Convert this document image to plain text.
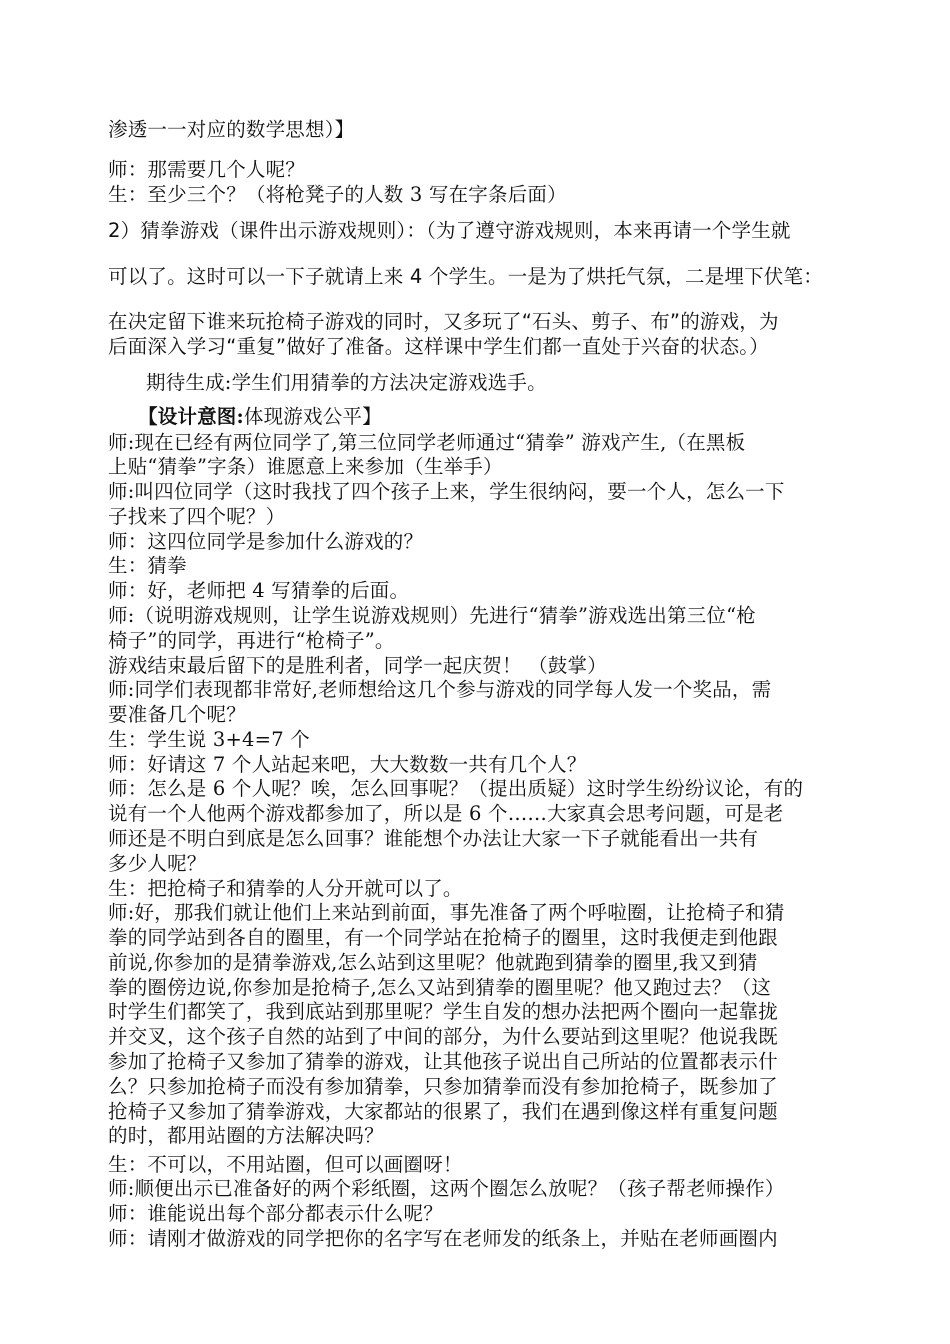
渗透一一对应的数学思想）】
师：那需要几个人呢？
生：至少三个？（将枪凳子的人数 3 写在字条后面）
2）猜拳游戏（课件出示游戏规则）：（为了遵守游戏规则，本来再请一个学生就
可以了。这时可以一下子就请上来 4 个学生。一是为了烘托气氛，二是埋下伏笔：
在决定留下谁来玩抢椅子游戏的同时，又多玩了“石头、剪子、布”的游戏，为
后面深入学习“重复”做好了准备。这样课中学生们都一直处于兴奋的状态。）
期待生成:学生们用猜拳的方法决定游戏选手。
【设计意图:体现游戏公平】
师:现在已经有两位同学了,第三位同学老师通过“猜拳” 游戏产生,（在黑板
上贴“猜拳”字条）谁愿意上来参加（生举手）
师:叫四位同学（这时我找了四个孩子上来，学生很纳闷，要一个人，怎么一下
子找来了四个呢？）
师：这四位同学是参加什么游戏的？
生：猜拳
师：好，老师把 4 写猜拳的后面。
师:（说明游戏规则，让学生说游戏规则）先进行“猜拳”游戏选出第三位“枪
椅子”的同学，再进行“枪椅子”。
游戏结束最后留下的是胜利者，同学一起庆贺！ （鼓掌）
师:同学们表现都非常好,老师想给这几个参与游戏的同学每人发一个奖品，需
要准备几个呢？
生：学生说 3+4=7 个
师：好请这 7 个人站起来吧，大大数数一共有几个人？
师：怎么是 6 个人呢？唉，怎么回事呢？（提出质疑）这时学生纷纷议论，有的
说有一个人他两个游戏都参加了，所以是 6 个……大家真会思考问题，可是老
师还是不明白到底是怎么回事？谁能想个办法让大家一下子就能看出一共有
多少人呢？
生：把抢椅子和猜拳的人分开就可以了。
师:好，那我们就让他们上来站到前面，事先准备了两个呼啦圈，让抢椅子和猜
拳的同学站到各自的圈里，有一个同学站在抢椅子的圈里，这时我便走到他跟
前说,你参加的是猜拳游戏,怎么站到这里呢？他就跑到猜拳的圈里,我又到猜
拳的圈傍边说,你参加是抢椅子,怎么又站到猜拳的圈里呢？他又跑过去？（这
时学生们都笑了，我到底站到那里呢？学生自发的想办法把两个圈向一起靠拢
并交叉，这个孩子自然的站到了中间的部分，为什么要站到这里呢？他说我既
参加了抢椅子又参加了猜拳的游戏，让其他孩子说出自己所站的位置都表示什
么？只参加抢椅子而没有参加猜拳，只参加猜拳而没有参加抢椅子，既参加了
抢椅子又参加了猜拳游戏，大家都站的很累了，我们在遇到像这样有重复问题
的时，都用站圈的方法解决吗？
生：不可以，不用站圈，但可以画圈呀！
师:顺便出示已准备好的两个彩纸圈，这两个圈怎么放呢？（孩子帮老师操作）
师：谁能说出每个部分都表示什么呢？
师：请刚才做游戏的同学把你的名字写在老师发的纸条上，并贴在老师画圈内
